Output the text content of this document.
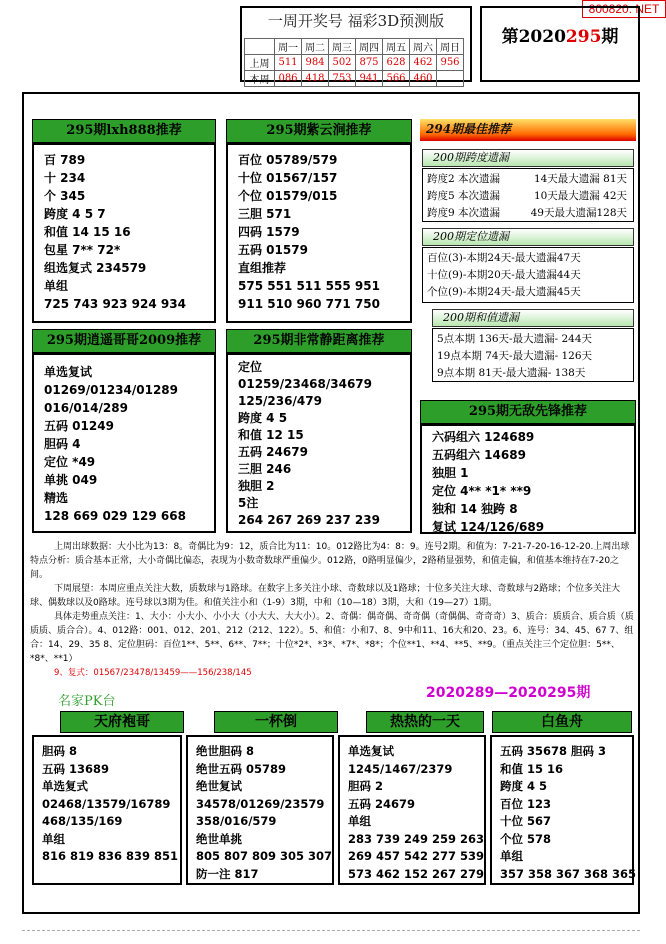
800820. NET
一周开奖号 福彩3D预测版
	周一	周二	周三	周四	周五	周六	周日
上周	511	984	502	875	628	462	956
本周	086	418	753	941	566	460	
第2020295期
295期lxh888推荐
百 789
十 234
个 345
跨度 4 5 7
和值 14 15 16
包星 7** 72*
组选复式 234579
单组
725 743 923 924 934
295期紫云涧推荐
百位 05789/579
十位 01567/157
个位 01579/015
三胆 571
四码 1579
五码 01579
直组推荐
575 551 511 555 951
911 510 960 771 750
295期逍遥哥哥2009推荐
单选复试
01269/01234/01289
016/014/289
五码 01249
胆码 4
定位 *49
单挑 049
精选
128 669 029 129 668
295期非常静距离推荐
定位
01259/23468/34679
125/236/479
跨度 4 5
和值 12 15
五码 24679
三胆 246
独胆 2
5注
264 267 269 237 239
294期最佳推荐
200期跨度遗漏
跨度2 本次遗漏	14天最大遗漏 81天
跨度5 本次遗漏	10天最大遗漏 42天
跨度9 本次遗漏	49天最大遗漏128天
200期定位遗漏
百位(3)-本期24天-最大遗漏47天
十位(9)-本期20天-最大遗漏44天
个位(9)-本期24天-最大遗漏45天
200期和值遗漏
5点本期 136天-最大遗漏- 244天
19点本期 74天-最大遗漏- 126天
9点本期 81天-最大遗漏- 138天
295期无敌先锋推荐
六码组六 124689
五码组六 14689
独胆 1
定位 4** *1* **9
独和 14 独跨 8
复试 124/126/689

上周出球数据：大小比为13：8。奇偶比为9：12，质合比为11：10。012路比为4：8：9。连号2期。和值为：7-21-7-20-16-12-20.上周出球特点分析：质合基本正常，大小奇偶比偏态，表现为小数奇数球严重偏少。012路，0路明显偏少，2路稍显强势，和值走偏，和值基本维持在7-20之间。

下周展望：本周应重点关注大数，质数球与1路球。在数字上多关注小球、奇数球以及1路球；十位多关注大球、奇数球与2路球；个位多关注大球、偶数球以及0路球。连号球以3期为佳。和值关注小和（1-9）3期，中和（10—18）3期，大和（19—27）1期。

具体走势重点关注：1、大小：小大小、小小大（小大大、大大小）。2、奇偶：偶奇偶、奇奇偶（奇偶偶、奇奇奇）3、质合：质质合、质合质（质质质、质合合）。4、012路：001、012、201、212（212、122）。5、和值：小和7、8、9中和11、16大和20、23。6、连号：34、45、67 7、组合：14、29、35 8、定位胆码：百位1**、5**、6**、7**；十位*2*、*3*、*7*、*8*；个位**1、**4、**5、**9。（重点关注三个定位胆：5**、*8*、**1）

9、复式：01567/23478/13459——156/238/145

2020289—2020295期
名家PK台
天府袍哥
胆码 8
五码 13689
单选复式
02468/13579/16789
468/135/169
单组
816 819 836 839 851
一杯倒
绝世胆码 8
绝世五码 05789
绝世复试
34578/01269/23579
358/016/579
绝世单挑
805 807 809 305 307
防一注 817
热热的一天
单选复试
1245/1467/2379
胆码 2
五码 24679
单组
283 739 249 259 263
269 457 542 277 539
573 462 152 267 279
白鱼舟
五码 35678 胆码 3
和值 15 16
跨度 4 5
百位 123
十位 567
个位 578
单组
357 358 367 368 365
